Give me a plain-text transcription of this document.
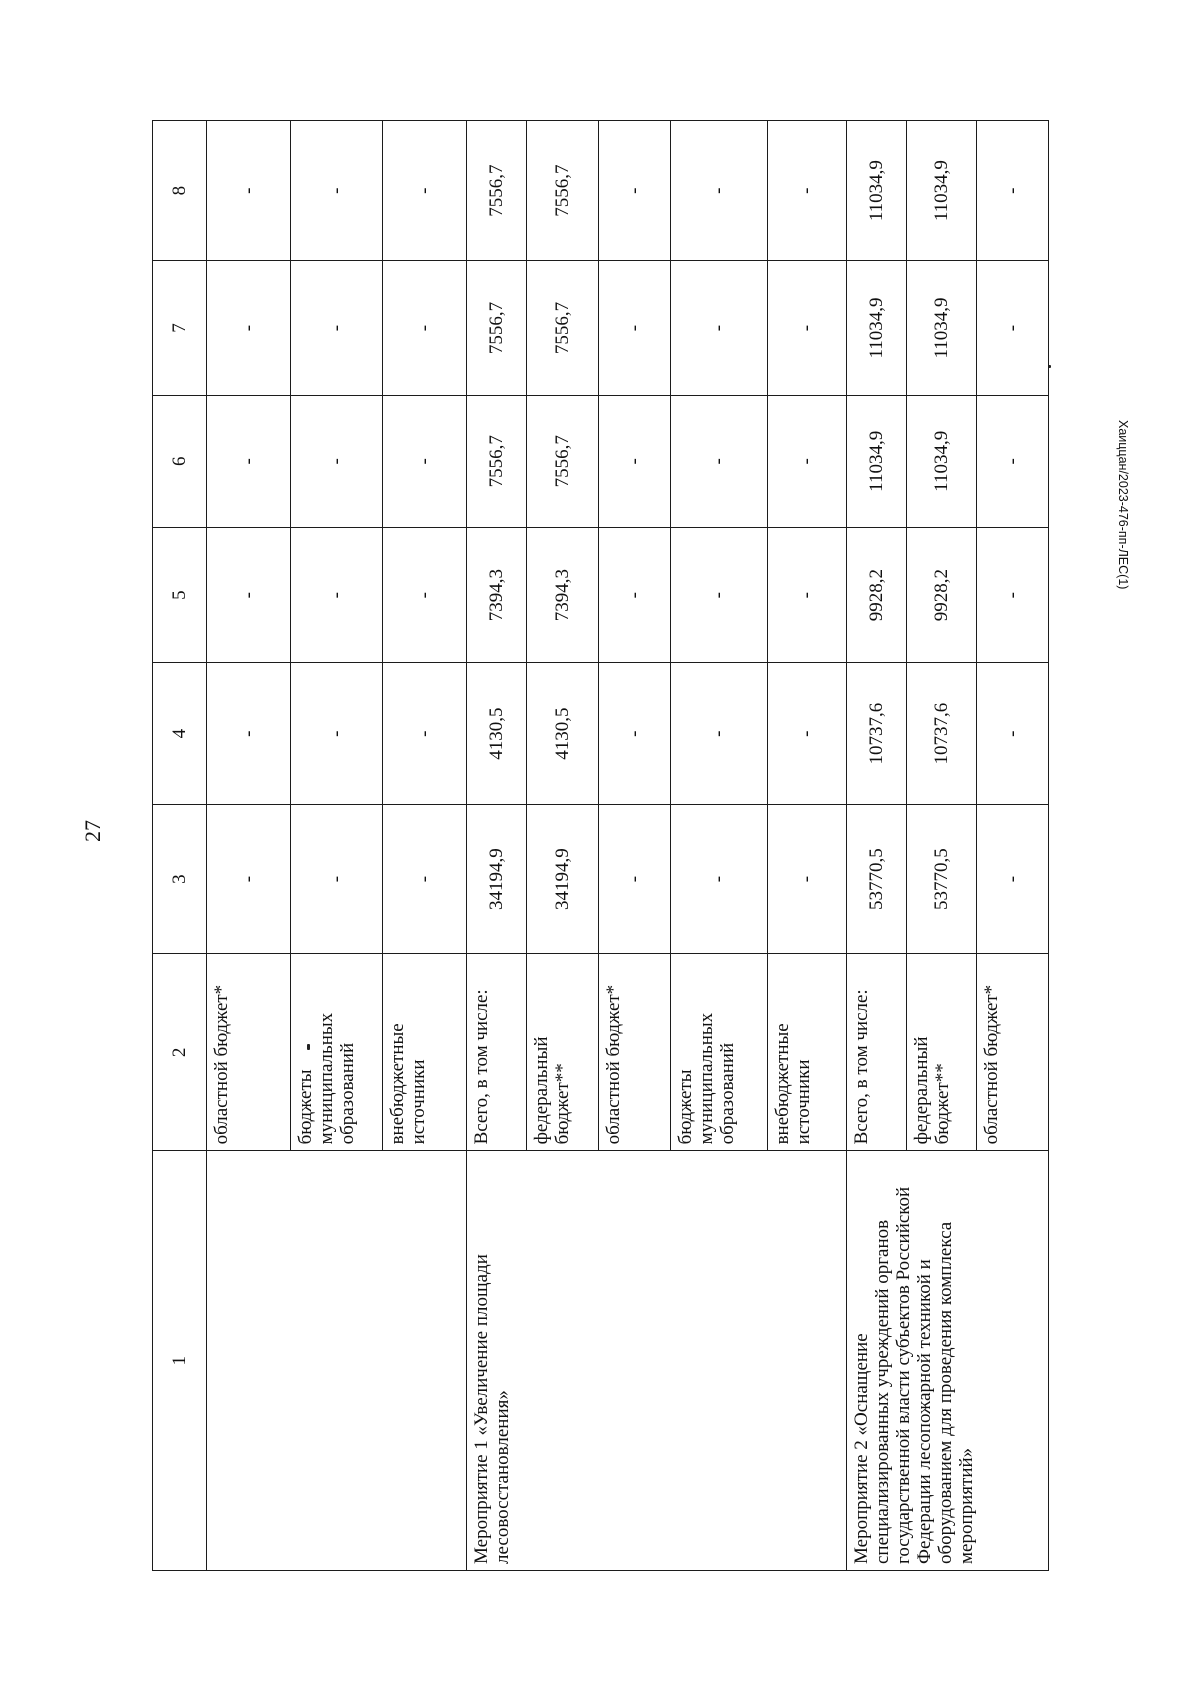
27
Хаиццан/2023-476-пп-ЛЕС(1)
1	2	3	4	5	6	7	8
	областной бюджет*	-	-	-	-	-	-
	бюджеты муниципальных образований	-	-	-	-	-	-
	внебюджетные источники	-	-	-	-	-	-
Мероприятие 1 «Увеличение площади лесовосстановления»	Всего, в том числе:	34194,9	4130,5	7394,3	7556,7	7556,7	7556,7
	федеральный бюджет**	34194,9	4130,5	7394,3	7556,7	7556,7	7556,7
	областной бюджет*	-	-	-	-	-	-
	бюджеты муниципальных образований	-	-	-	-	-	-
	внебюджетные источники	-	-	-	-	-	-
Мероприятие 2 «Оснащение специализированных учреждений органов государственной власти субъектов Российской Федерации лесопожарной техникой и оборудованием для проведения комплекса мероприятий»	Всего, в том числе:	53770,5	10737,6	9928,2	11034,9	11034,9	11034,9
	федеральный бюджет**	53770,5	10737,6	9928,2	11034,9	11034,9	11034,9
	областной бюджет*	-	-	-	-	-	-
